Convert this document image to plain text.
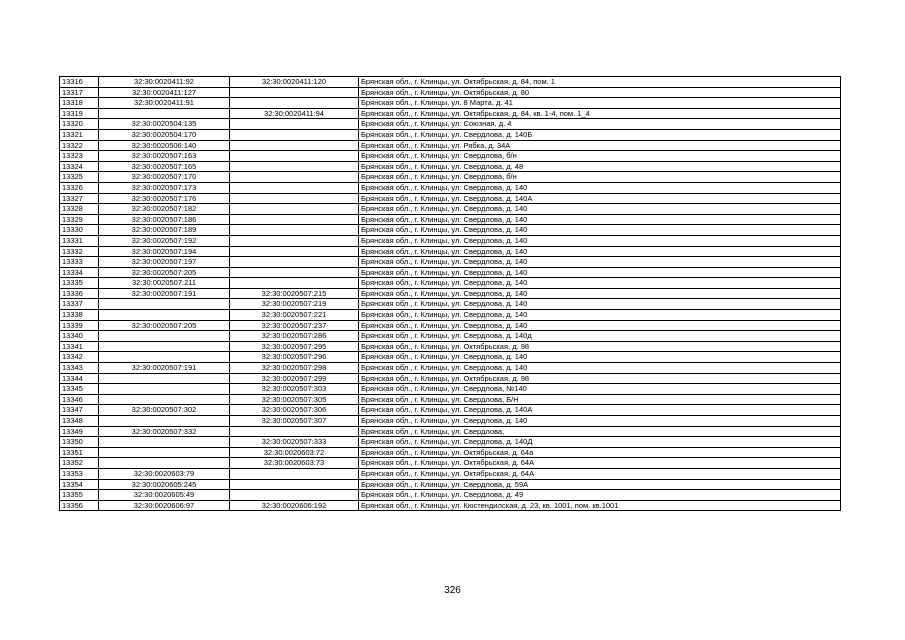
13316	32:30:0020411:92	32:30:0020411:120	Брянская обл., г. Клинцы, ул. Октябрьская, д. 84, пом. 1
13317	32:30:0020411:127		Брянская обл., г. Клинцы, ул. Октябрьская, д. 80
13318	32:30:0020411:91		Брянская обл., г. Клинцы, ул. 8 Марта, д. 41
13319		32:30:0020411:94	Брянская обл., г. Клинцы, ул. Октябрьская, д. 84, кв. 1-4, пом. 1_4
13320	32:30:0020504:135		Брянская обл., г. Клинцы, ул. Союзная, д. 4
13321	32:30:0020504:170		Брянская обл., г. Клинцы, ул. Свердлова, д. 140Б
13322	32:30:0020506:140		Брянская обл., г. Клинцы, ул. Рябка, д. 34А
13323	32:30:0020507:163		Брянская обл., г. Клинцы, ул. Свердлова, б/н
13324	32:30:0020507:165		Брянская обл., г. Клинцы, ул. Свердлова, д. 48
13325	32:30:0020507:170		Брянская обл., г. Клинцы, ул. Свердлова, б/н
13326	32:30:0020507:173		Брянская обл., г. Клинцы, ул. Свердлова, д. 140
13327	32:30:0020507:176		Брянская обл., г. Клинцы, ул. Свердлова, д. 140А
13328	32:30:0020507:182		Брянская обл., г. Клинцы, ул. Свердлова, д. 140
13329	32:30:0020507:186		Брянская обл., г. Клинцы, ул. Свердлова, д. 140
13330	32:30:0020507:189		Брянская обл., г. Клинцы, ул. Свердлова, д. 140
13331	32:30:0020507:192		Брянская обл., г. Клинцы, ул. Свердлова, д. 140
13332	32:30:0020507:194		Брянская обл., г. Клинцы, ул. Свердлова, д. 140
13333	32:30:0020507:197		Брянская обл., г. Клинцы, ул. Свердлова, д. 140
13334	32:30:0020507:205		Брянская обл., г. Клинцы, ул. Свердлова, д. 140
13335	32:30:0020507:211		Брянская обл., г. Клинцы, ул. Свердлова, д. 140
13336	32:30:0020507:191	32:30:0020507:215	Брянская обл., г. Клинцы, ул. Свердлова, д. 140
13337		32:30:0020507:219	Брянская обл., г. Клинцы, ул. Свердлова, д. 140
13338		32:30:0020507:221	Брянская обл., г. Клинцы, ул. Свердлова, д. 140
13339	32:30:0020507:205	32:30:0020507:237	Брянская обл., г. Клинцы, ул. Свердлова, д. 140
13340		32:30:0020507:286	Брянская обл., г. Клинцы, ул. Свердлова, д. 140д
13341		32:30:0020507:295	Брянская обл., г. Клинцы, ул. Октябрьская, д. 98
13342		32:30:0020507:296	Брянская обл., г. Клинцы, ул. Свердлова, д. 140
13343	32:30:0020507:191	32:30:0020507:298	Брянская обл., г. Клинцы, ул. Свердлова, д. 140
13344		32:30:0020507:299	Брянская обл., г. Клинцы, ул. Октябрьская, д. 98
13345		32:30:0020507:303	Брянская обл., г. Клинцы, ул. Свердлова, №140
13346		32:30:0020507:305	Брянская обл., г. Клинцы, ул. Свердлова, Б/Н
13347	32:30:0020507:302	32:30:0020507:306	Брянская обл., г. Клинцы, ул. Свердлова, д. 140А
13348		32:30:0020507:307	Брянская обл., г. Клинцы, ул. Свердлова, д. 140
13349	32:30:0020507:332		Брянская обл., г. Клинцы, ул. Свердлова,
13350		32:30:0020507:333	Брянская обл., г. Клинцы, ул. Свердлова, д. 140Д
13351		32:30:0020603:72	Брянская обл., г. Клинцы, ул. Октябрьская, д. 64а
13352		32:30:0020603:73	Брянская обл., г. Клинцы, ул. Октябрьская, д. 64А
13353	32:30:0020603:79		Брянская обл., г. Клинцы, ул. Октябрьская, д. 64А
13354	32:30:0020605:245		Брянская обл., г. Клинцы, ул. Свердлова, д. 59А
13355	32:30:0020605:49		Брянская обл., г. Клинцы, ул. Свердлова, д. 49
13356	32:30:0020606:97	32:30:0020606:192	Брянская обл., г. Клинцы, ул. Кюстендилская, д. 23, кв. 1001, пом. кв.1001
326
